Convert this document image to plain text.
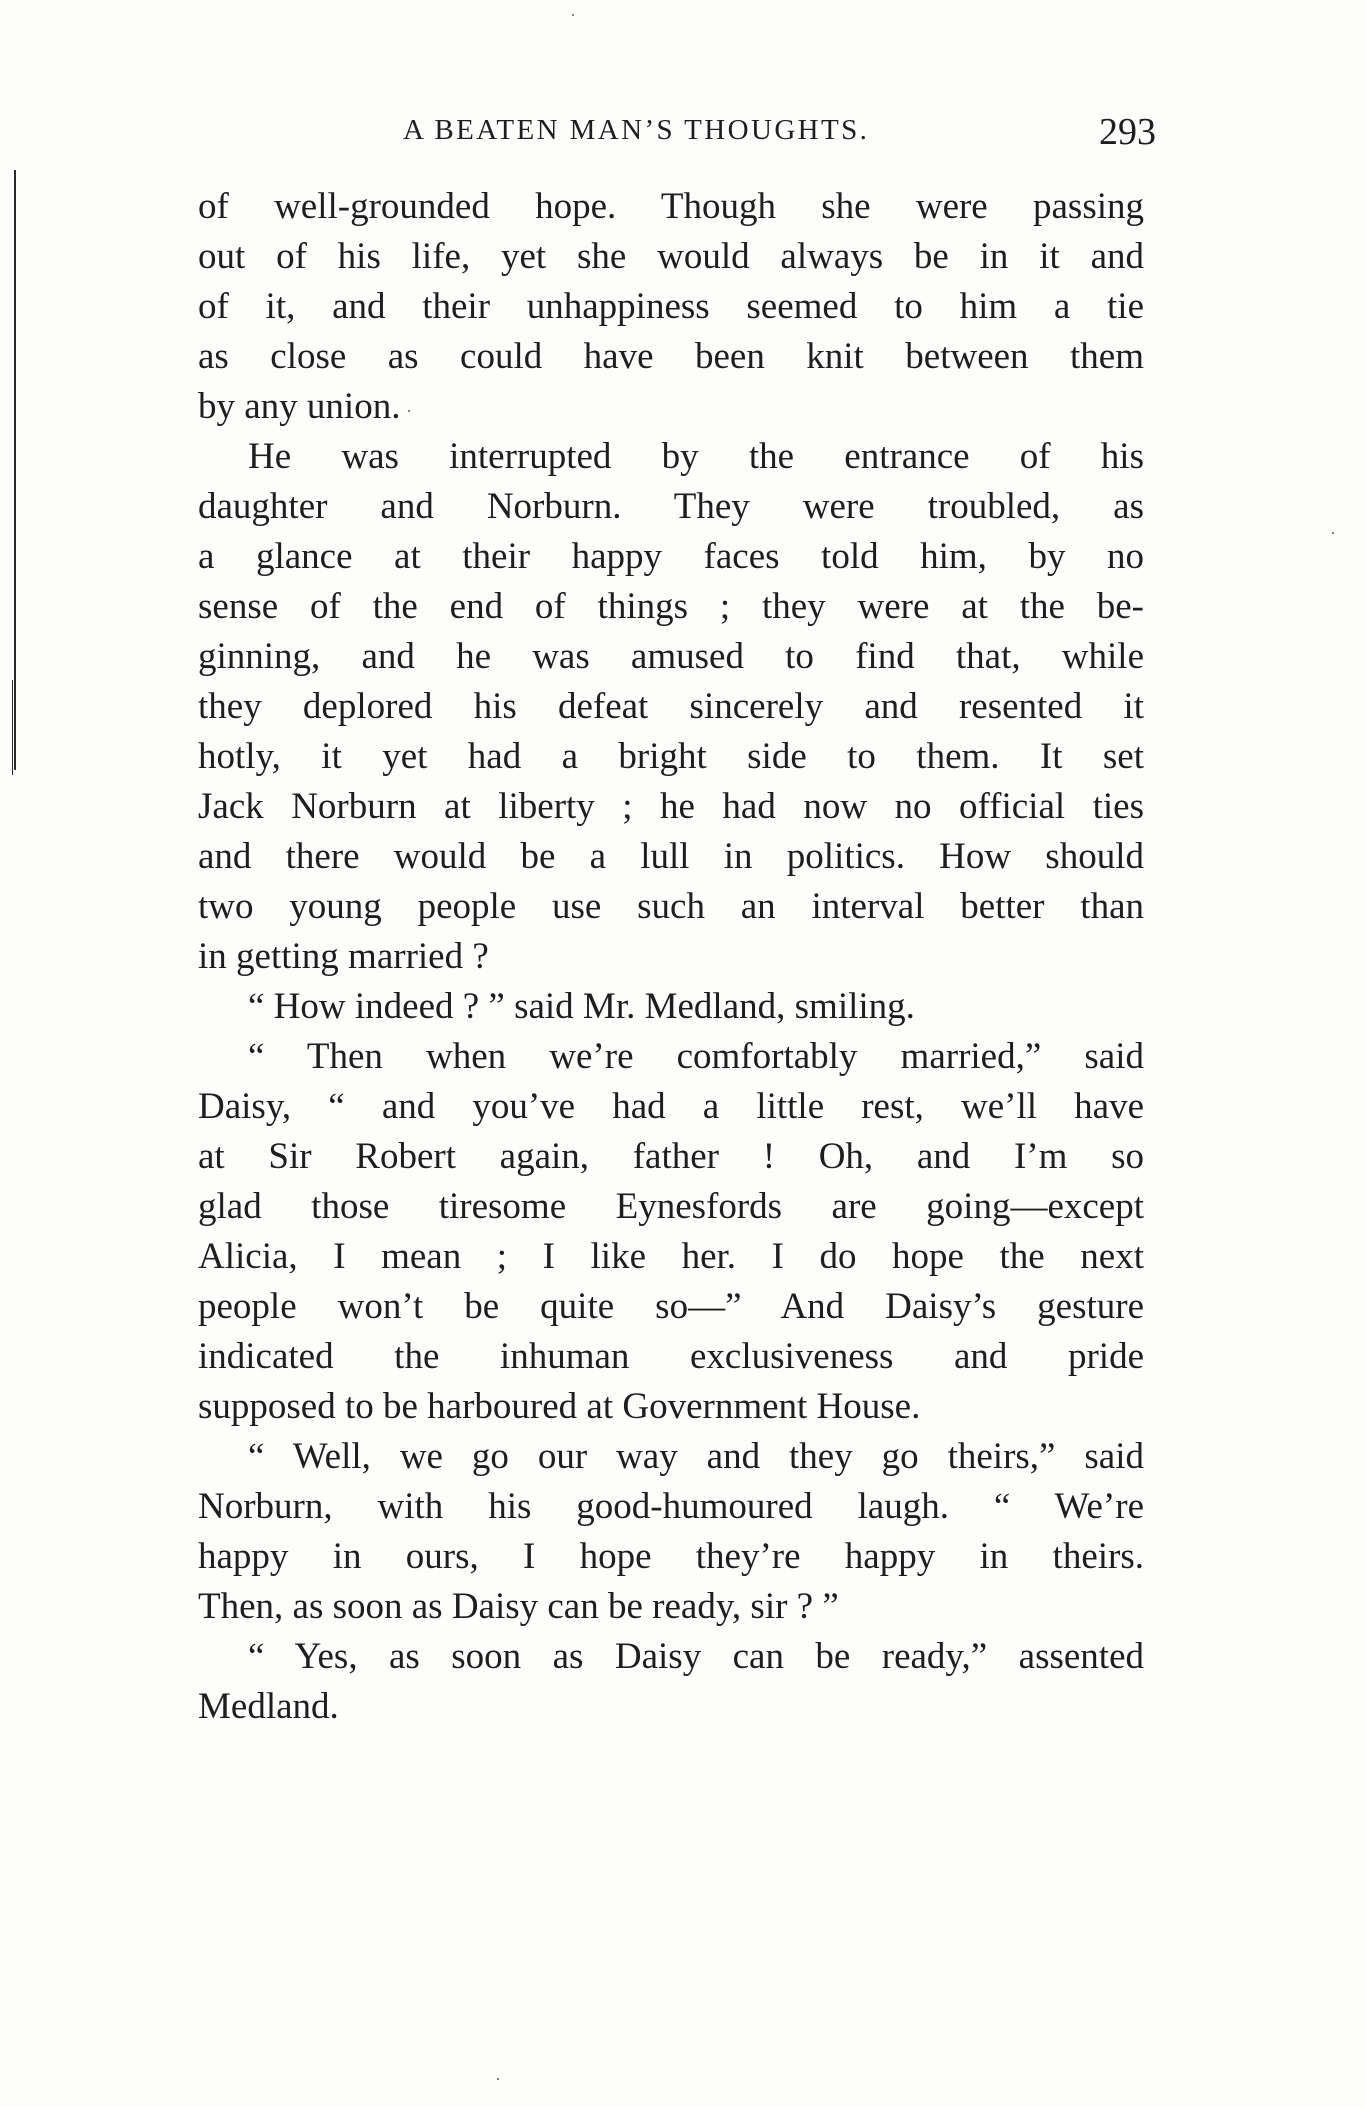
A BEATEN MAN’S THOUGHTS.	293
of well-grounded hope. Though she were passing
out of his life, yet she would always be in it and
of it, and their unhappiness seemed to him a tie
as close as could have been knit between them
by any union.
He was interrupted by the entrance of his
daughter and Norburn. They were troubled, as
a glance at their happy faces told him, by no
sense of the end of things ; they were at the be-
ginning, and he was amused to find that, while
they deplored his defeat sincerely and resented it
hotly, it yet had a bright side to them. It set
Jack Norburn at liberty ; he had now no official ties
and there would be a lull in politics. How should
two young people use such an interval better than
in getting married ?
“ How indeed ? ” said Mr. Medland, smiling.
“ Then when we’re comfortably married,” said
Daisy, “ and you’ve had a little rest, we’ll have
at Sir Robert again, father ! Oh, and I’m so
glad those tiresome Eynesfords are going—except
Alicia, I mean ; I like her. I do hope the next
people won’t be quite so—” And Daisy’s gesture
indicated the inhuman exclusiveness and pride
supposed to be harboured at Government House.
“ Well, we go our way and they go theirs,” said
Norburn, with his good-humoured laugh. “ We’re
happy in ours, I hope they’re happy in theirs.
Then, as soon as Daisy can be ready, sir ? ”
“ Yes, as soon as Daisy can be ready,” assented
Medland.
